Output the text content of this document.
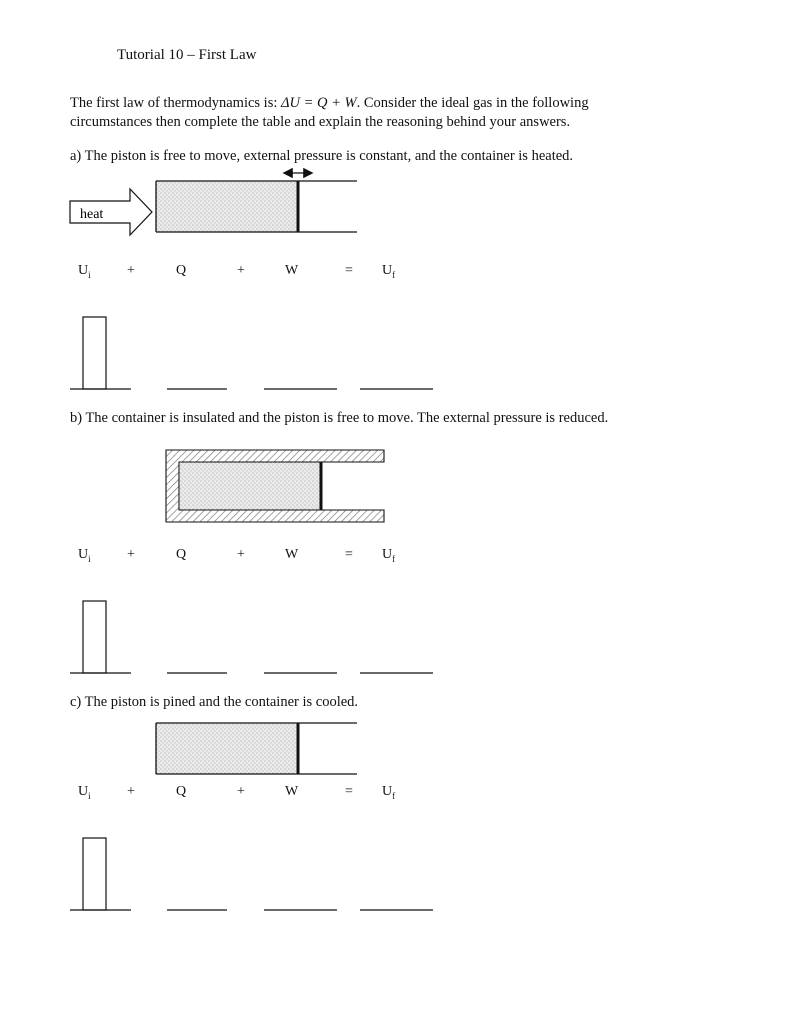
Tutorial 10 – First Law
The first law of thermodynamics is: ΔU = Q + W. Consider the ideal gas in the following
circumstances then complete the table and explain the reasoning behind your answers.
a) The piston is free to move, external pressure is constant, and the container is heated.
heat
$U_i$	+	Q	+	W	= $U_f$
b) The container is insulated and the piston is free to move. The external pressure is reduced.
$U_i$	+	Q	+	W	= $U_f$
c) The piston is pined and the container is cooled.
$U_i$	+	Q	+	W	= $U_f$
